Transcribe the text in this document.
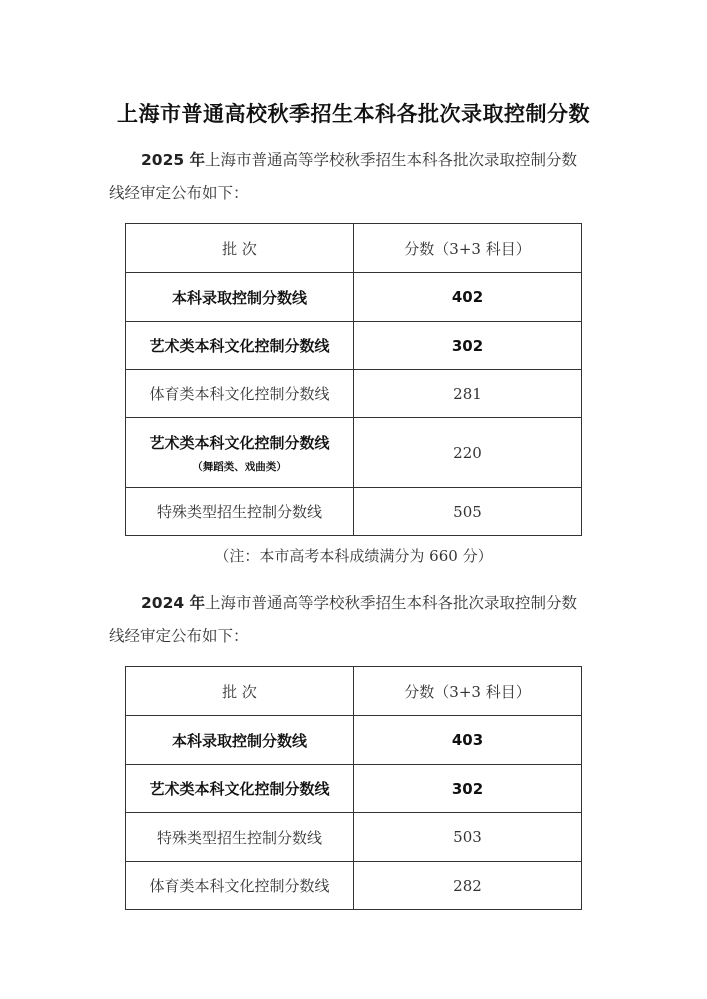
上海市普通高校秋季招生本科各批次录取控制分数
2025 年上海市普通高等学校秋季招生本科各批次录取控制分数
线经审定公布如下：
批 次	分数（3+3 科目）
本科录取控制分数线	402
艺术类本科文化控制分数线	302
体育类本科文化控制分数线	281
艺术类本科文化控制分数线
（舞蹈类、戏曲类）	220
特殊类型招生控制分数线	505
（注：本市高考本科成绩满分为 660 分）
2024 年上海市普通高等学校秋季招生本科各批次录取控制分数
线经审定公布如下：
批 次	分数（3+3 科目）
本科录取控制分数线	403
艺术类本科文化控制分数线	302
特殊类型招生控制分数线	503
体育类本科文化控制分数线	282
